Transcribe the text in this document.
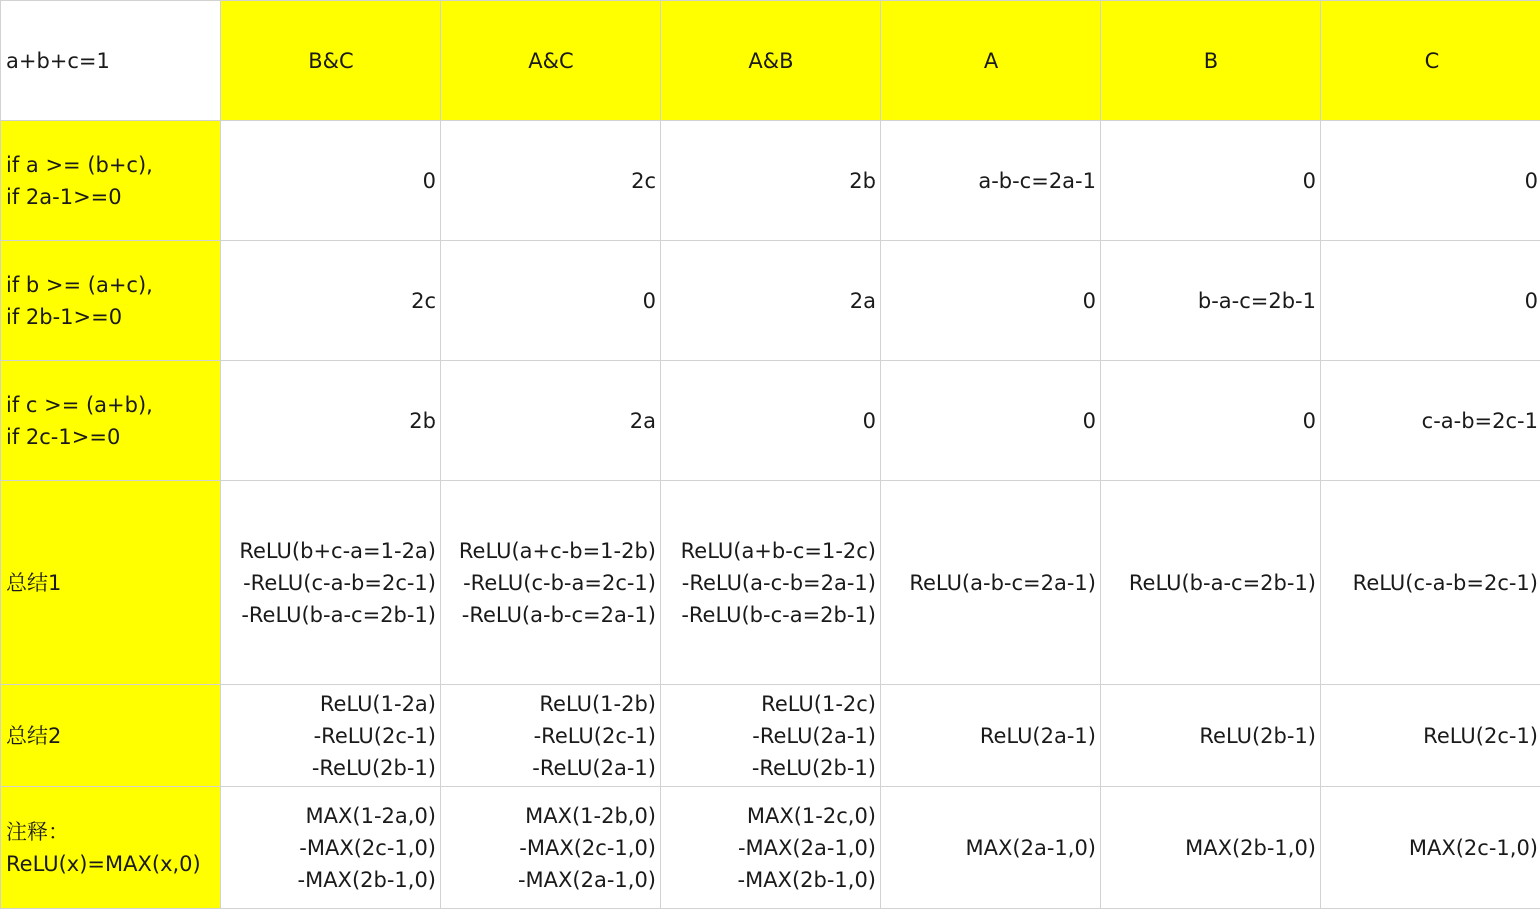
a+b+c=1	B&C	A&C	A&B	A	B	C

if a >= (b+c),
if 2a-1>=0	0	2c	2b	a-b-c=2a-1	0	0

if b >= (a+c),
if 2b-1>=0	2c	0	2a	0	b-a-c=2b-1	0

if c >= (a+b),
if 2c-1>=0	2b	2a	0	0	0	c-a-b=2c-1

总结1	ReLU(b+c-a=1-2a)
-ReLU(c-a-b=2c-1)
-ReLU(b-a-c=2b-1)	ReLU(a+c-b=1-2b)
-ReLU(c-b-a=2c-1)
-ReLU(a-b-c=2a-1)	ReLU(a+b-c=1-2c)
-ReLU(a-c-b=2a-1)
-ReLU(b-c-a=2b-1)	ReLU(a-b-c=2a-1)	ReLU(b-a-c=2b-1)	ReLU(c-a-b=2c-1)

总结2	ReLU(1-2a)
-ReLU(2c-1)
-ReLU(2b-1)	ReLU(1-2b)
-ReLU(2c-1)
-ReLU(2a-1)	ReLU(1-2c)
-ReLU(2a-1)
-ReLU(2b-1)	ReLU(2a-1)	ReLU(2b-1)	ReLU(2c-1)

注释：
ReLU(x)=MAX(x,0)	MAX(1-2a,0)
-MAX(2c-1,0)
-MAX(2b-1,0)	MAX(1-2b,0)
-MAX(2c-1,0)
-MAX(2a-1,0)	MAX(1-2c,0)
-MAX(2a-1,0)
-MAX(2b-1,0)	MAX(2a-1,0)	MAX(2b-1,0)	MAX(2c-1,0)
